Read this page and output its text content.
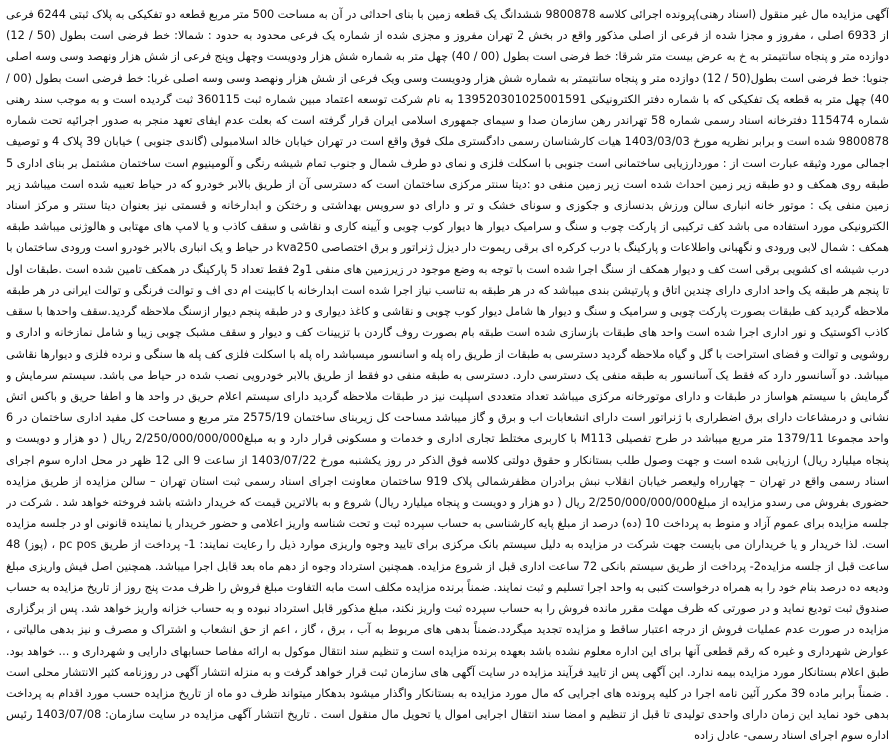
آگهی مزایده مال غیر منقول (اسناد رهنی)پرونده اجرائی کلاسه 9800878 ششدانگ یک قطعه زمین با بنای احداثی در آن به مساحت 500 متر مربع قطعه دو تفکیکی به پلاک ثبتی 6244 فرعی از 6933 اصلی ، مفروز و مجزا شده از فرعی از اصلی مذکور واقع در بخش 2 تهران مفروز و مجزی شده از شماره یک فرعی محدود به حدود : شمالا: خط فرضی است بطول (50 / 12) دوازده متر و پنجاه سانتیمتر به خ به عرض بیست متر شرقا: خط فرضی است بطول (00 / 40) چهل متر به شماره شش هزار ودویست وچهل وپنج فرعی از شش هزار ونهصد وسی وسه اصلی جنوبا: خط فرضی است بطول(50 / 12) دوازده متر و پنجاه سانتیمتر به شماره شش هزار ودویست وسی ویک فرعی از شش هزار ونهصد وسی وسه اصلی غربا: خط فرضی است بطول (00 / 40) چهل متر به قطعه یک تفکیکی که با شماره دفتر الکترونیکی 139520301025001591 به نام شرکت توسعه اعتماد مبین شماره ثبت 360115 ثبت گردیده است و به موجب سند رهنی شماره 115474 دفترخانه اسناد رسمی شماره 58 تهراندر رهن سازمان صدا و سیمای جمهوری اسلامی ایران قرار گرفته است که بعلت عدم ایفای تعهد منجر به صدور اجرائیه تحت شماره 9800878 شده است و برابر نظریه مورخ 1403/03/03 هیات کارشناسان رسمی دادگستری ملک فوق واقع است در تهران خیابان خالد اسلامبولی (گاندی جنوبی ) خیابان 39 پلاک 4 و توصیف اجمالی مورد وثیقه عبارت است از : موردارزیابی ساختمانی است جنوبی با اسکلت فلزی و نمای دو طرف شمال و جنوب تمام شیشه رنگی و آلومینیوم است ساختمان مشتمل بر بنای اداری 5 طبقه روی همکف و دو طبقه زیر زمین احداث شده است زیر زمین منفی دو :دیتا سنتر مرکزی ساختمان است که دسترسی آن از طریق بالابر خودرو که در حیاط تعبیه شده است میباشد زیر زمین منفی یک : موتور خانه انباری سالن ورزش بدنسازی و جکوزی و سونای خشک و تر و دارای دو سرویس بهداشتی و رختکن و ابدارخانه و قسمتی نیز بعنوان دیتا سنتر و مرکز اسناد الکترونیکی مورد استفاده می باشد کف ترکیبی از پارکت چوب و سنگ و سرامیک دیوار ها دیوار کوب چوبی و آیینه کاری و نقاشی و سقف کاذب و یا لامپ های مهتابی و هالوژنی میباشد طبقه همکف : شمال لابی ورودی و نگهبانی واطلاعات و پارکینگ با درب کرکره ای برقی ریموت دار دیزل ژنراتور و برق اختصاصی kva250 در حیاط و یک انباری بالابر خودرو است ورودی ساختمان با درب شیشه ای کشویی برقی است کف و دیوار همکف از سنگ اجرا شده است با توجه به وضع موجود در زیرزمین های منفی 1و2 فقط تعداد 5 پارکینگ در همکف تامین شده است .طبقات اول تا پنجم هر طبقه یک واحد اداری دارای چندین اتاق و پارتیشن بندی میباشد که در هر طبقه به تناسب نیاز اجرا شده است ابدارخانه با کابینت ام دی اف و توالت فرنگی و توالت ایرانی در هر طبقه ملاحظه گردید کف طبقات بصورت پارکت چوبی و سرامیک و سنگ و دیوار ها شامل دیوار کوب چوبی و نقاشی و کاغذ دیواری و در طبقه پنجم دیوار ازسنگ ملاحظه گردید.سقف واحدها با سقف کاذب اکوستیک و نور اداری اجرا شده است واحد های طبقات بازسازی شده است طبقه بام بصورت روف گاردن با تزیینات کف و دیوار و سقف مشبک چوبی زیبا و شامل نمازخانه و اداری و روشویی و توالت و فضای استراحت با گل و گیاه ملاحظه گردید دسترسی به طبقات از طریق راه پله و اسانسور میسباشد راه پله با اسکلت فلزی کف پله ها سنگی و نرده فلزی و دیوارها نقاشی میباشد. دو آسانسور دارد که فقط یک آسانسور به طبقه منفی یک دسترسی دارد. دسترسی به طبقه منفی دو فقط از طریق بالابر خودرویی نصب شده در حیاط می باشد. سیستم سرمایش و گرمایش با سیستم هواساز در طبقات و دارای موتورخانه مرکزی میباشد تعداد متعددی اسپلیت نیز در طبقات ملاحظه گردید دارای سیستم اعلام حریق در واحد ها و اطفا حریق و باکس اتش نشانی و درمشاعات دارای برق اضطراری با ژنراتور است دارای انشعابات اب و برق و گاز میباشد مساحت کل زیربنای ساختمان 2575/19 متر مربع و مساحت کل مفید اداری ساختمان در 6 واحد مجموعا 1379/11 متر مربع میباشد در طرح تفصیلی M113 با کاربری مختلط تجاری اداری و خدمات و مسکونی قرار دارد و به مبلغ2/250/000/000/000 ریال ( دو هزار و دویست و پنجاه میلیارد ریال) ارزیابی شده است و جهت وصول طلب بستانکار و حقوق دولتی کلاسه فوق الذکر در روز یکشنبه مورخ 1403/07/22 از ساعت 9 الی 12 ظهر در محل اداره سوم اجرای اسناد رسمی واقع در تهران – چهارراه ولیعصر خیابان انقلاب نبش برادران مظفرشمالی پلاک 919 ساختمان معاونت اجرای اسناد رسمی ثبت استان تهران – سالن مزایده از طریق مزایده حضوری بفروش می رسدو مزایده از مبلغ2/250/000/000/000 ریال ( دو هزار و دویست و پنجاه میلیارد ریال) شروع و به بالاترین قیمت که خریدار داشته باشد فروخته خواهد شد . شرکت در جلسه مزایده برای عموم آزاد و منوط به پرداخت 10 (ده) درصد از مبلغ پایه کارشناسی به حساب سپرده ثبت و تحت شناسه واریز اعلامی و حضور خریدار یا نماینده قانونی او در جلسه مزایده است. لذا خریدار و یا خریداران می بایست جهت شرکت در مزایده به دلیل سیستم بانک مرکزی برای تایید وجوه واریزی موارد ذیل را رعایت نمایند: 1- پرداخت از طریق pc pos ، (پوز) 48 ساعت قبل از جلسه مزایده2- پرداخت از طریق سیستم بانکی 72 ساعت اداری قبل از شروع مزایده. همچنین استرداد وجوه از دهم ماه بعد قابل اجرا میباشد. همچنین اصل فیش واریزی مبلغ ودیعه ده درصد بنام خود را به همراه درخواست کتبی به واحد اجرا تسلیم و ثبت نمایند. ضمناً برنده مزایده مکلف است مابه التفاوت مبلغ فروش را ظرف مدت پنج روز از تاریخ مزایده به حساب صندوق ثبت تودیع نماید و در صورتی که ظرف مهلت مقرر مانده فروش را به حساب سپرده ثبت واریز نکند، مبلغ مذکور قابل استرداد نبوده و به حساب خزانه واریز خواهد شد. پس از برگزاری مزایده در صورت عدم عملیات فروش از درجه اعتبار ساقط و مزایده تجدید میگردد.ضمناً بدهی های مربوط به آب ، برق ، گاز ، اعم از حق انشعاب و اشتراک و مصرف و نیز بدهی مالیاتی ، عوارض شهرداری و غیره که رقم قطعی آنها برای این اداره معلوم نشده باشد بعهده برنده مزایده است و تنظیم سند انتقال موکول به ارائه مفاصا حسابهای دارایی و شهرداری و ... خواهد بود. طبق اعلام بستانکار مورد مزایده بیمه ندارد. این آگهی پس از تایید فرآیند مزایده در سایت آگهی های سازمان ثبت قرار خواهد گرفت و به منزله انتشار آگهی در روزنامه کثیر الانتشار محلی است . ضمناً برابر ماده 39 مکرر آئین نامه اجرا در کلیه پرونده های اجرایی که مال مورد مزایده به بستانکار واگذار میشود بدهکار میتواند ظرف دو ماه از تاریخ مزایده حسب مورد اقدام به پرداخت بدهی خود نماید این زمان دارای واحدی تولیدی تا قبل از تنظیم و امضا سند انتقال اجرایی اموال یا تحویل مال منقول است . تاریخ انتشار آگهی مزایده در سایت سازمان: 1403/07/08 رئیس اداره سوم اجرای اسناد رسمی- عادل زاده
